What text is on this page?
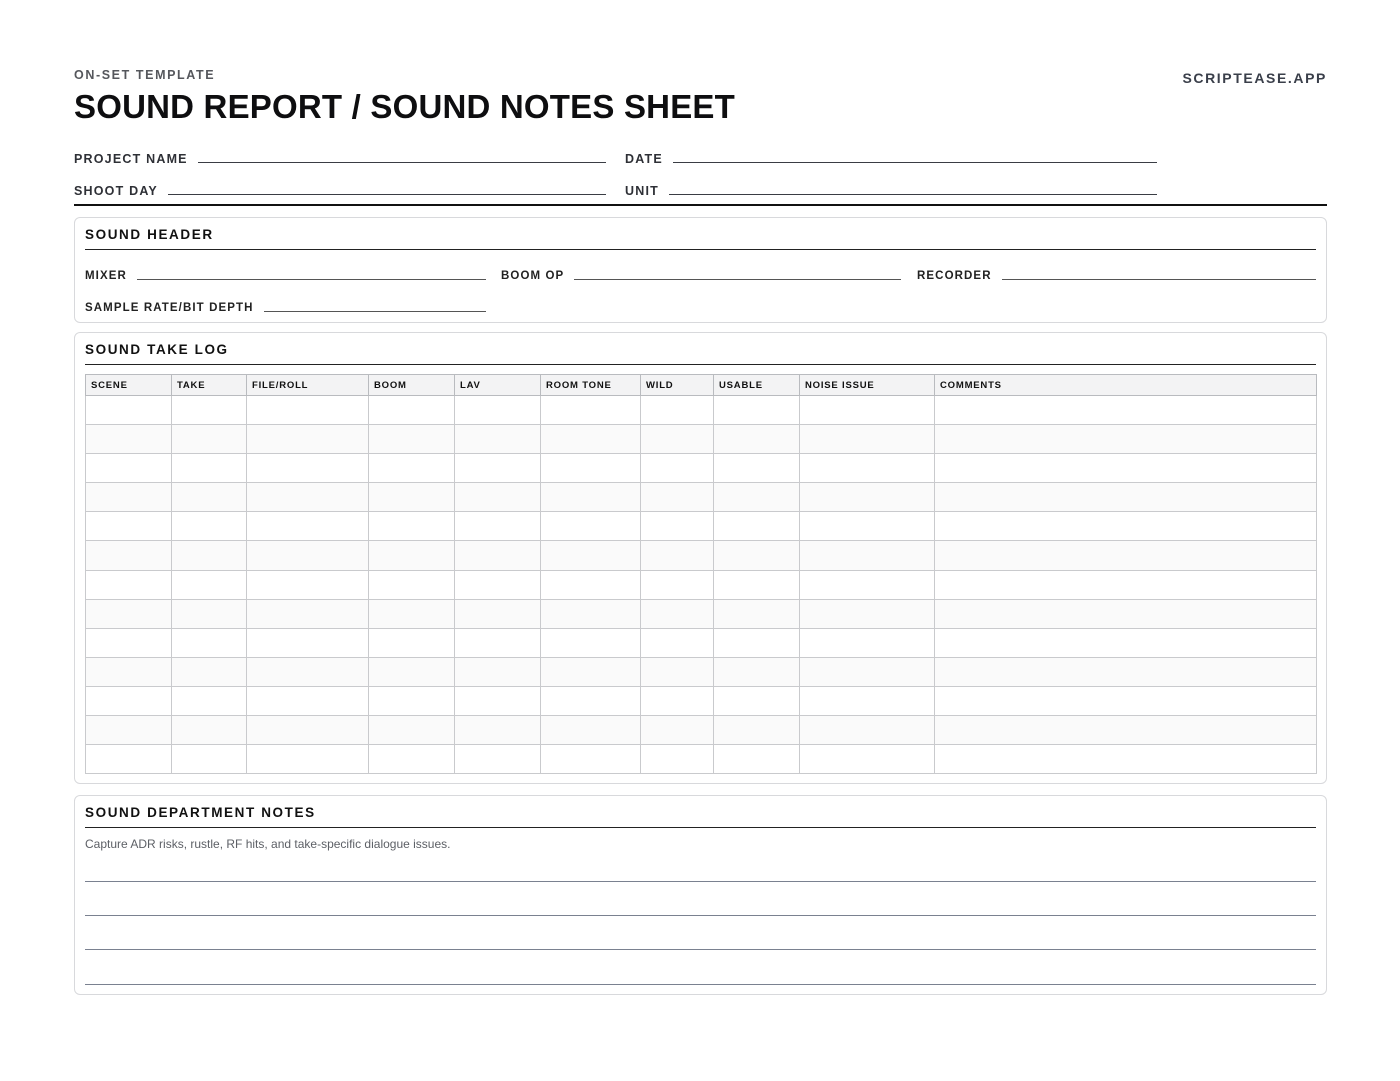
ON-SET TEMPLATE	SCRIPTEASE.APP
SOUND REPORT / SOUND NOTES SHEET
PROJECT NAME	DATE
SHOOT DAY	UNIT
SOUND HEADER
MIXER	BOOM OP	RECORDER
SAMPLE RATE/BIT DEPTH
SOUND TAKE LOG
SCENE	TAKE	FILE/ROLL	BOOM	LAV	ROOM TONE	WILD	USABLE	NOISE ISSUE	COMMENTS

SOUND DEPARTMENT NOTES
Capture ADR risks, rustle, RF hits, and take-specific dialogue issues.
